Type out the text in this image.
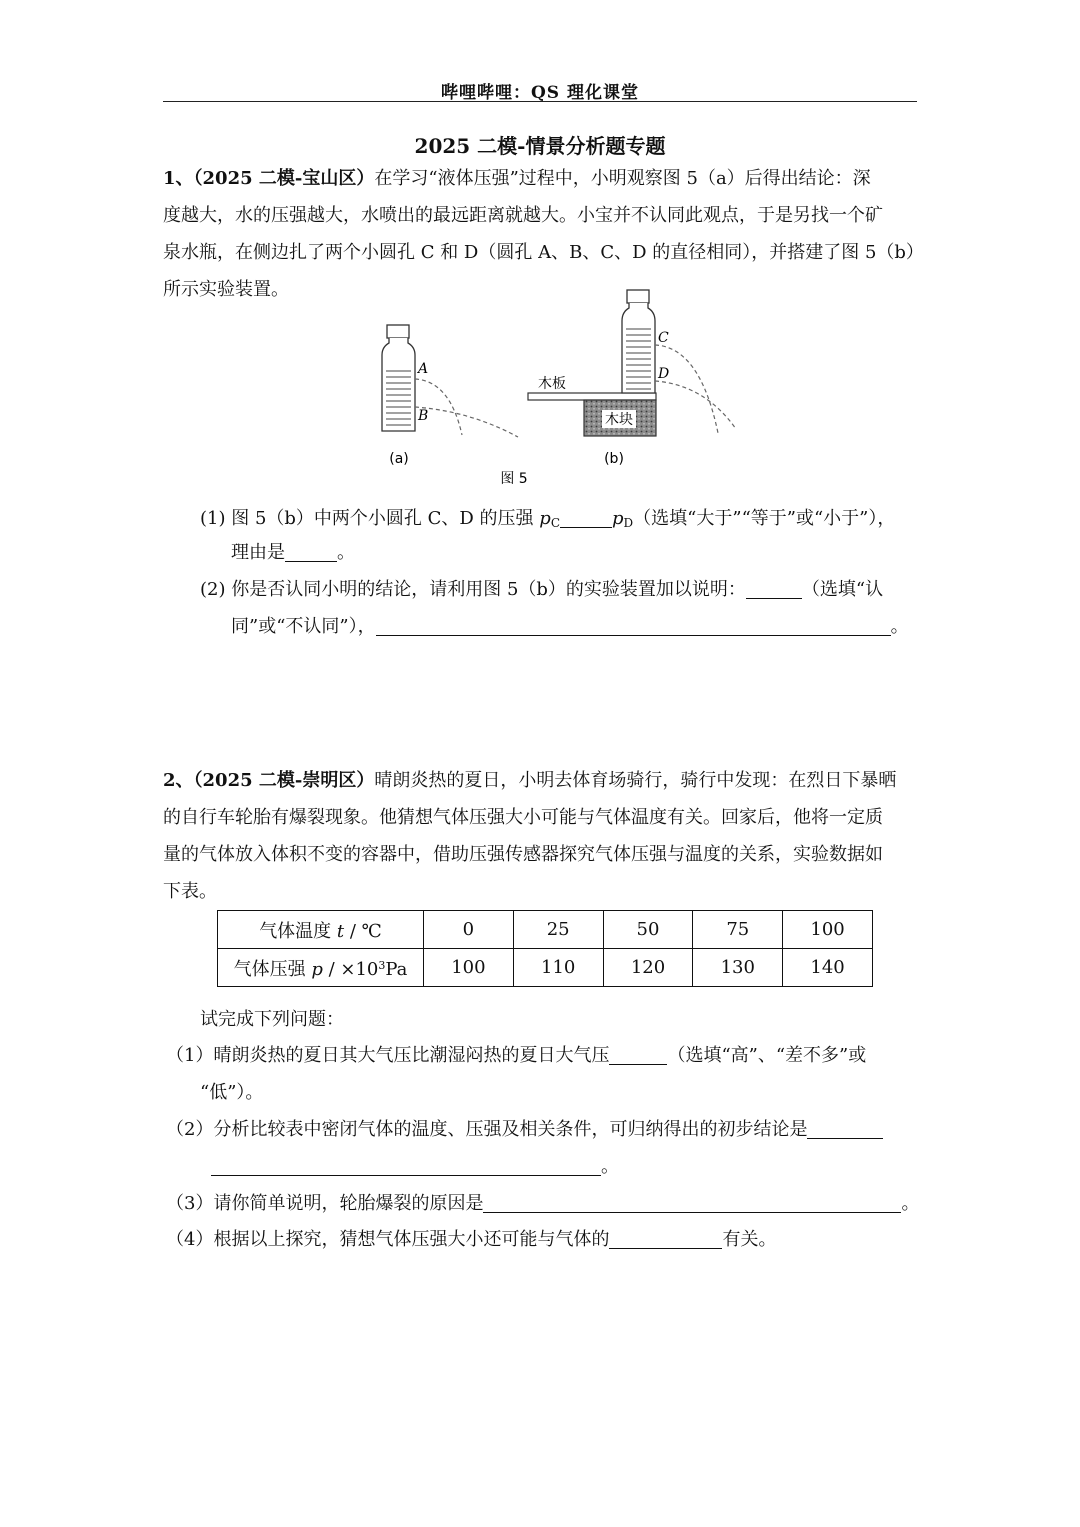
哔哩哔哩：QS 理化课堂
2025 二模-情景分析题专题
1、（2025 二模-宝山区）在学习“液体压强”过程中，小明观察图 5（a）后得出结论：深
度越大，水的压强越大，水喷出的最远距离就越大。小宝并不认同此观点，于是另找一个矿
泉水瓶，在侧边扎了两个小圆孔 C 和 D（圆孔 A、B、C、D 的直径相同），并搭建了图 5（b）
所示实验装置。
A
B	木块
木板
C
D
(a)	(b)
图 5
(1) 图 5（b）中两个小圆孔 C、D 的压强 $p_C$	$p_D$（选填“大于”“等于”或“小于”），
理由是	。
(2) 你是否认同小明的结论，请利用图 5（b）的实验装置加以说明：	（选填“认
同”或“不认同”），	。
2、（2025 二模-崇明区）晴朗炎热的夏日，小明去体育场骑行，骑行中发现：在烈日下暴晒
的自行车轮胎有爆裂现象。他猜想气体压强大小可能与气体温度有关。回家后，他将一定质
量的气体放入体积不变的容器中，借助压强传感器探究气体压强与温度的关系，实验数据如
下表。
气体温度 t / ℃	0	25	50	75	100
气体压强 $p / \times 10^3Pa$	100	110	120	130	140
试完成下列问题：
（1）晴朗炎热的夏日其大气压比潮湿闷热的夏日大气压	（选填“高”、“差不多”或
“低”）。
（2）分析比较表中密闭气体的温度、压强及相关条件，可归纳得出的初步结论是
。
（3）请你简单说明，轮胎爆裂的原因是	。
（4）根据以上探究，猜想气体压强大小还可能与气体的	有关。
